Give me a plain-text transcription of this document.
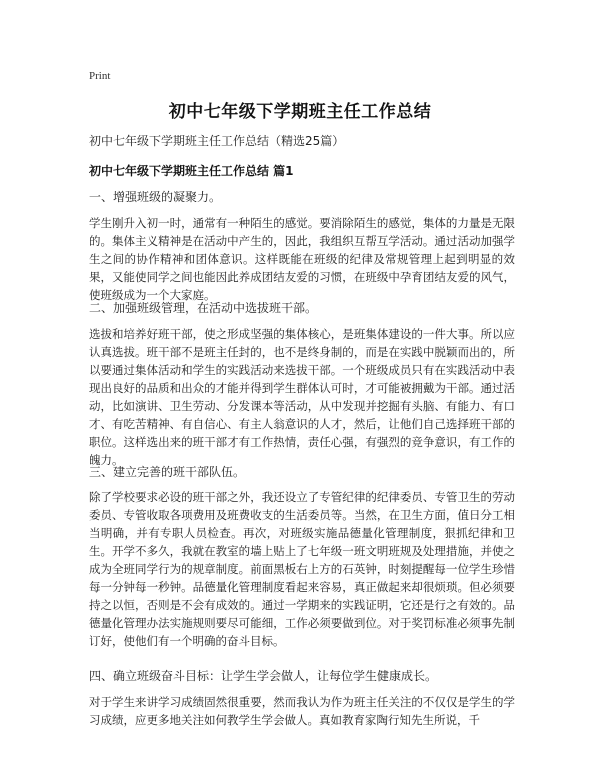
Print
初中七年级下学期班主任工作总结
初中七年级下学期班主任工作总结（精选25篇）
初中七年级下学期班主任工作总结 篇1
一、增强班级的凝聚力。
学生刚升入初一时，通常有一种陌生的感觉。要消除陌生的感觉，集体的力量是无限的。集体主义精神是在活动中产生的，因此，我组织互帮互学活动。通过活动加强学生之间的协作精神和团体意识。这样既能在班级的纪律及常规管理上起到明显的效果，又能使同学之间也能因此养成团结友爱的习惯，在班级中孕育团结友爱的风气，使班级成为一个大家庭。
二、加强班级管理，在活动中选拔班干部。
选拔和培养好班干部，使之形成坚强的集体核心，是班集体建设的一件大事。所以应认真选拔。班干部不是班主任封的，也不是终身制的，而是在实践中脱颖而出的，所以要通过集体活动和学生的实践活动来选拔干部。一个班级成员只有在实践活动中表现出良好的品质和出众的才能并得到学生群体认可时，才可能被拥戴为干部。通过活动，比如演讲、卫生劳动、分发课本等活动，从中发现并挖掘有头脑、有能力、有口才、有吃苦精神、有自信心、有主人翁意识的人才，然后，让他们自己选择班干部的职位。这样选出来的班干部才有工作热情，责任心强，有强烈的竞争意识，有工作的魄力。
三、建立完善的班干部队伍。
除了学校要求必设的班干部之外，我还设立了专管纪律的纪律委员、专管卫生的劳动委员、专管收取各项费用及班费收支的生活委员等。当然，在卫生方面，值日分工相当明确，并有专职人员检查。再次，对班级实施品德量化管理制度，狠抓纪律和卫生。开学不多久，我就在教室的墙上贴上了七年级一班文明班规及处理措施，并使之成为全班同学行为的规章制度。前面黑板右上方的石英钟，时刻提醒每一位学生珍惜每一分钟每一秒钟。品德量化管理制度看起来容易，真正做起来却很烦琐。但必须要持之以恒，否则是不会有成效的。通过一学期来的实践证明，它还是行之有效的。品德量化管理办法实施规则要尽可能细，工作必须要做到位。对于奖罚标准必须事先制订好，使他们有一个明确的奋斗目标。
四、确立班级奋斗目标：让学生学会做人，让每位学生健康成长。
对于学生来讲学习成绩固然很重要，然而我认为作为班主任关注的不仅仅是学生的学习成绩，应更多地关注如何教学生学会做人。真如教育家陶行知先生所说，千
